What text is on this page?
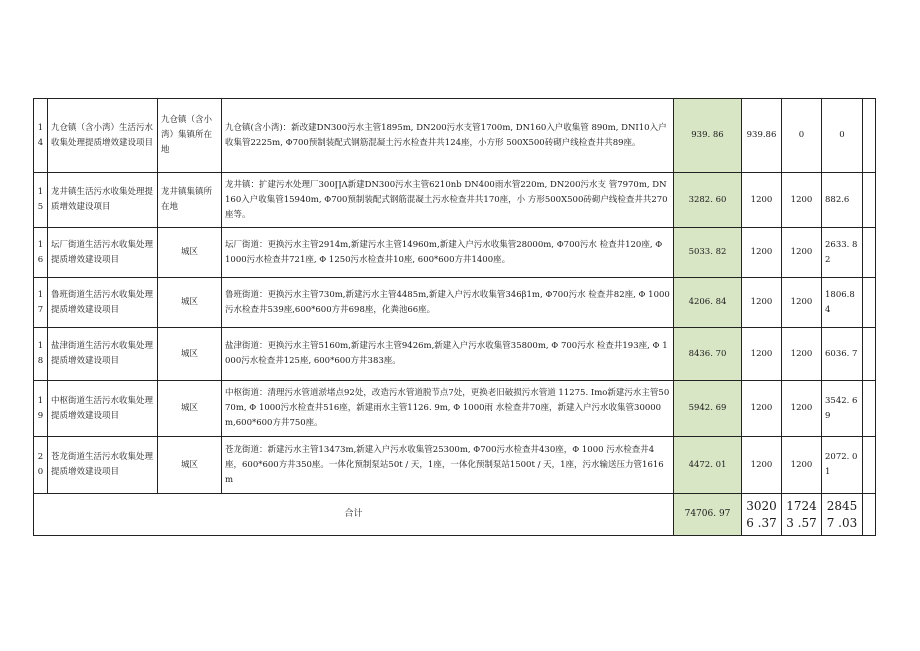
14	九仓镇（含小湾）生活污水收集处理提质增效建设项目	九仓镇（含小湾）集镇所在地	九仓镇(含小湾)：新改建DN300污水主管1895m, DN200污水支管1700m, DN160入户收集管 890m, DNI10入户收集管2225m, Φ700预制装配式钢筋混凝土污水检查井共124座，小方形 500X500砖砌户线检查井共89座。	939. 86	939.86	0	0	
15	龙井镇生活污水收集处理提质增效建设项目	龙井镇集镇所在地	龙井镇：扩建污水处理厂300∏Λ新建DN300污水主管6210nb DN400雨水管220m, DN200污水支 管7970m, DN160入户收集管15940m, Φ700预制装配式钢筋混凝土污水检查井共170座，小 方形500X500砖砌户线检查井共270座等。	3282. 60	1200	1200	882.6	
16	坛厂街道生活污水收集处理提质增效建设项目	城区	坛厂街道：更换污水主管2914m,新建污水主管14960m,新建入户污水收集管28000m, Φ700污水 检查井120座, Φ 1000污水检查井721座, Φ 1250污水检查井10座, 600*600方井1400座。	5033. 82	1200	1200	2633. 82	
17	鲁班街道生活污水收集处理提质增效建设项目	城区	鲁班街道：更换污水主管730m,新建污水主管4485m,新建入户污水收集管346β1m, Φ700污水 检查井82座, Φ 1000污水检查井539座,600*600方井698座，化粪池66座。	4206. 84	1200	1200	1806.84	
18	盐津街道生活污水收集处理提质增效建设项目	城区	盐津街道：更换污水主管5160m,新建污水主管9426m,新建入户污水收集管35800m, Φ 700污水 检查井193座, Φ 1000污水检查井125座, 600*600方井383座。	8436. 70	1200	1200	6036. 7	
19	中枢街道生活污水收集处理提质增效建设项目	城区	中枢街道：清理污水管道淤堵点92处，改造污水管道脱节点7处，更换老旧破损污水管道 11275. Imo新建污水主管5070m, Φ 1000污水检查井516座，新建雨水主管1126. 9m, Φ 1000雨 水检查井70座，新建入户污水收集管30000m,600*600方井750座。	5942. 69	1200	1200	3542. 69	
20	苍龙街道生活污水收集处理提质增效建设项目	城区	苍龙街道：新建污水主管13473m,新建入户污水收集管25300m, Φ700污水检查井430座，Φ 1000 污水检查井4座，600*600方井350座。一体化预制泵站50t / 天，1座，一体化预制泵站1500t / 天，1座，污水输送压力管1616m	4472. 01	1200	1200	2072. 01	
合计				74706. 97	30206 .37	17243 .57	28457 .03	
